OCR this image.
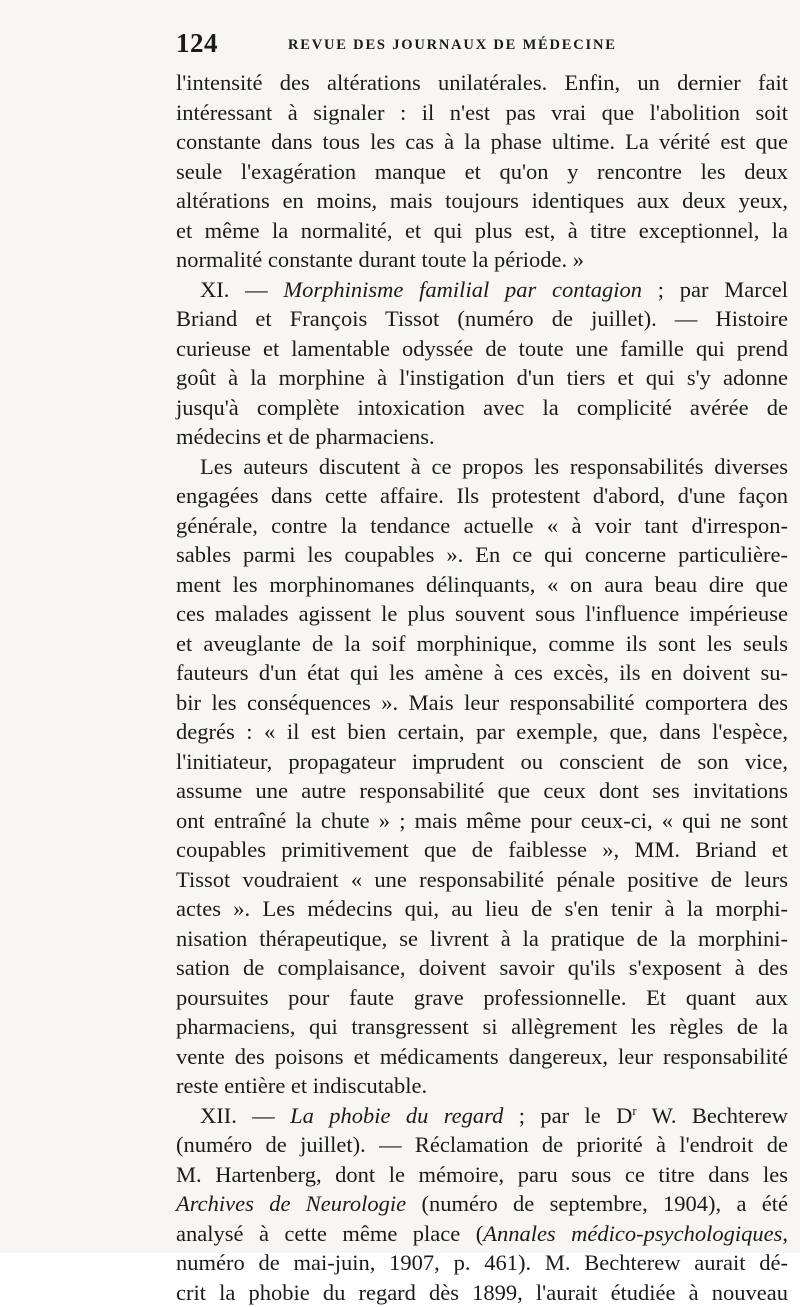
124	REVUE DES JOURNAUX DE MÉDECINE
l'intensité des altérations unilatérales. Enfin, un dernier fait
intéressant à signaler : il n'est pas vrai que l'abolition soit
constante dans tous les cas à la phase ultime. La vérité est que
seule l'exagération manque et qu'on y rencontre les deux
altérations en moins, mais toujours identiques aux deux yeux,
et même la normalité, et qui plus est, à titre exceptionnel, la
normalité constante durant toute la période. »
XI. — Morphinisme familial par contagion ; par Marcel
Briand et François Tissot (numéro de juillet). — Histoire
curieuse et lamentable odyssée de toute une famille qui prend
goût à la morphine à l'instigation d'un tiers et qui s'y adonne
jusqu'à complète intoxication avec la complicité avérée de
médecins et de pharmaciens.
Les auteurs discutent à ce propos les responsabilités diverses
engagées dans cette affaire. Ils protestent d'abord, d'une façon
générale, contre la tendance actuelle « à voir tant d'irrespon-
sables parmi les coupables ». En ce qui concerne particulière-
ment les morphinomanes délinquants, « on aura beau dire que
ces malades agissent le plus souvent sous l'influence impérieuse
et aveuglante de la soif morphinique, comme ils sont les seuls
fauteurs d'un état qui les amène à ces excès, ils en doivent su-
bir les conséquences ». Mais leur responsabilité comportera des
degrés : « il est bien certain, par exemple, que, dans l'espèce,
l'initiateur, propagateur imprudent ou conscient de son vice,
assume une autre responsabilité que ceux dont ses invitations
ont entraîné la chute » ; mais même pour ceux-ci, « qui ne sont
coupables primitivement que de faiblesse », MM. Briand et
Tissot voudraient « une responsabilité pénale positive de leurs
actes ». Les médecins qui, au lieu de s'en tenir à la morphi-
nisation thérapeutique, se livrent à la pratique de la morphini-
sation de complaisance, doivent savoir qu'ils s'exposent à des
poursuites pour faute grave professionnelle. Et quant aux
pharmaciens, qui transgressent si allègrement les règles de la
vente des poisons et médicaments dangereux, leur responsabilité
reste entière et indiscutable.
XII. — La phobie du regard ; par le $D^r$ W. Bechterew
(numéro de juillet). — Réclamation de priorité à l'endroit de
M. Hartenberg, dont le mémoire, paru sous ce titre dans les
Archives de Neurologie (numéro de septembre, 1904), a été
analysé à cette même place (Annales médico-psychologiques,
numéro de mai-juin, 1907, p. 461). M. Bechterew aurait dé-
crit la phobie du regard dès 1899, l'aurait étudiée à nouveau
